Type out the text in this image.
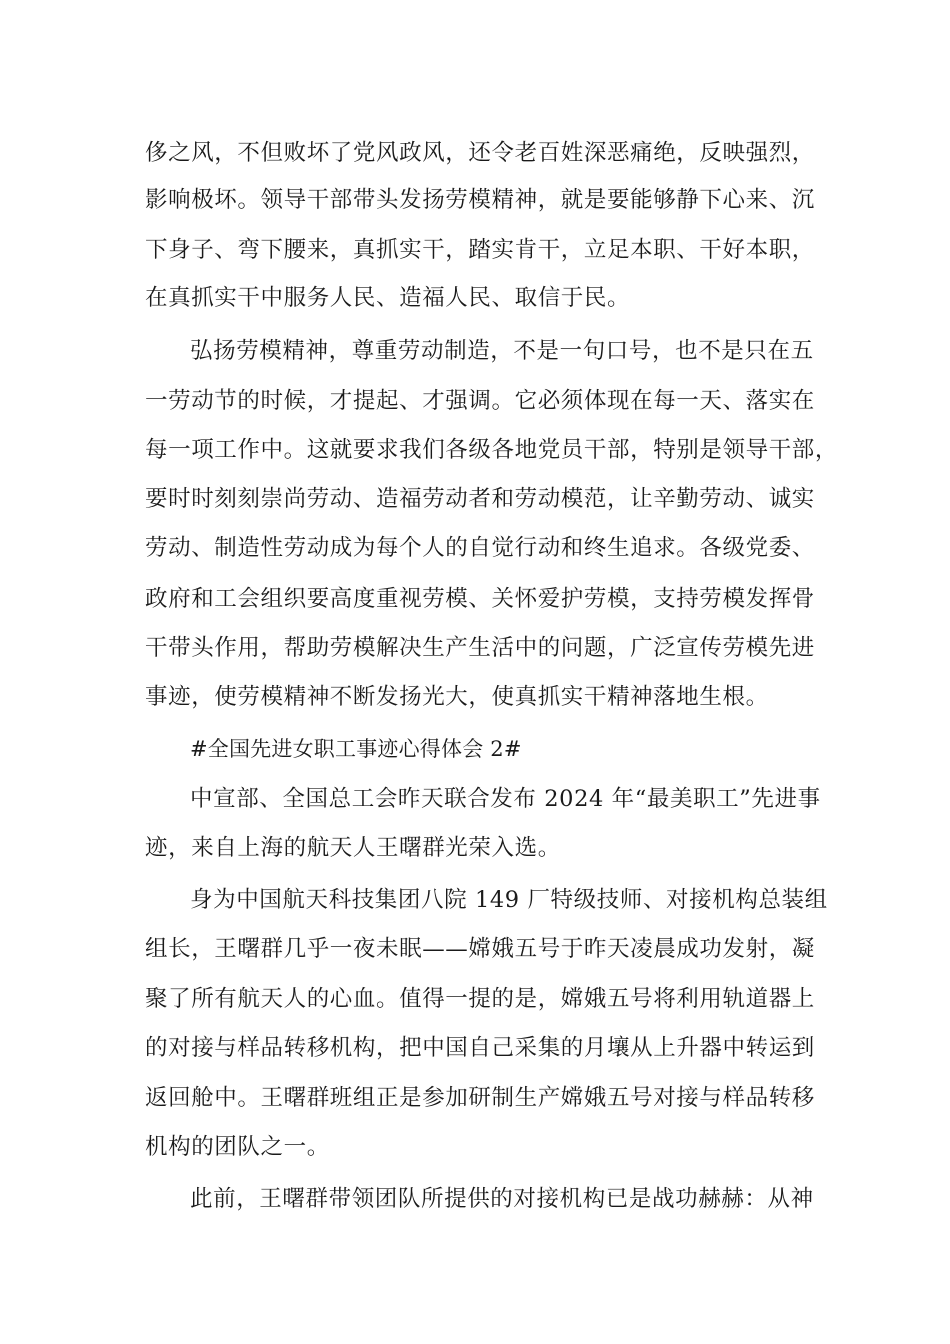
侈之风，不但败坏了党风政风，还令老百姓深恶痛绝，反映强烈，
影响极坏。领导干部带头发扬劳模精神，就是要能够静下心来、沉
下身子、弯下腰来，真抓实干，踏实肯干，立足本职、干好本职，
在真抓实干中服务人民、造福人民、取信于民。
弘扬劳模精神，尊重劳动制造，不是一句口号，也不是只在五
一劳动节的时候，才提起、才强调。它必须体现在每一天、落实在
每一项工作中。这就要求我们各级各地党员干部，特别是领导干部，
要时时刻刻崇尚劳动、造福劳动者和劳动模范，让辛勤劳动、诚实
劳动、制造性劳动成为每个人的自觉行动和终生追求。各级党委、
政府和工会组织要高度重视劳模、关怀爱护劳模，支持劳模发挥骨
干带头作用，帮助劳模解决生产生活中的问题，广泛宣传劳模先进
事迹，使劳模精神不断发扬光大，使真抓实干精神落地生根。
#全国先进女职工事迹心得体会 2#
中宣部、全国总工会昨天联合发布 2024 年“最美职工”先进事
迹，来自上海的航天人王曙群光荣入选。
身为中国航天科技集团八院 149 厂特级技师、对接机构总装组
组长，王曙群几乎一夜未眠——嫦娥五号于昨天凌晨成功发射，凝
聚了所有航天人的心血。值得一提的是，嫦娥五号将利用轨道器上
的对接与样品转移机构，把中国自己采集的月壤从上升器中转运到
返回舱中。王曙群班组正是参加研制生产嫦娥五号对接与样品转移
机构的团队之一。
此前，王曙群带领团队所提供的对接机构已是战功赫赫：从神
